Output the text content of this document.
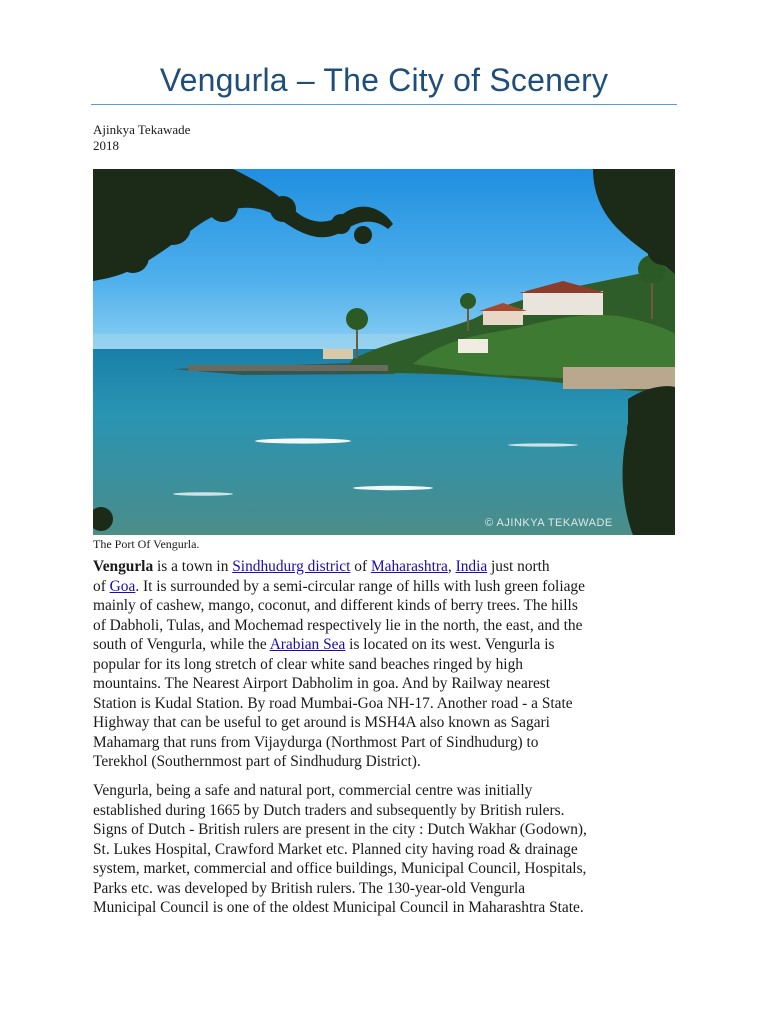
Vengurla – The City of Scenery
Ajinkya Tekawade
2018
© AJINKYA TEKAWADE
The Port Of Vengurla.
Vengurla is a town in Sindhudurg district of Maharashtra, India just north
of Goa. It is surrounded by a semi-circular range of hills with lush green foliage
mainly of cashew, mango, coconut, and different kinds of berry trees. The hills
of Dabholi, Tulas, and Mochemad respectively lie in the north, the east, and the
south of Vengurla, while the Arabian Sea is located on its west. Vengurla is
popular for its long stretch of clear white sand beaches ringed by high
mountains. The Nearest Airport Dabholim in goa. And by Railway nearest
Station is Kudal Station. By road Mumbai-Goa NH-17. Another road - a State
Highway that can be useful to get around is MSH4A also known as Sagari
Mahamarg that runs from Vijaydurga (Northmost Part of Sindhudurg) to
Terekhol (Southernmost part of Sindhudurg District).
Vengurla, being a safe and natural port, commercial centre was initially
established during 1665 by Dutch traders and subsequently by British rulers.
Signs of Dutch - British rulers are present in the city : Dutch Wakhar (Godown),
St. Lukes Hospital, Crawford Market etc. Planned city having road & drainage
system, market, commercial and office buildings, Municipal Council, Hospitals,
Parks etc. was developed by British rulers. The 130-year-old Vengurla
Municipal Council is one of the oldest Municipal Council in Maharashtra State.
